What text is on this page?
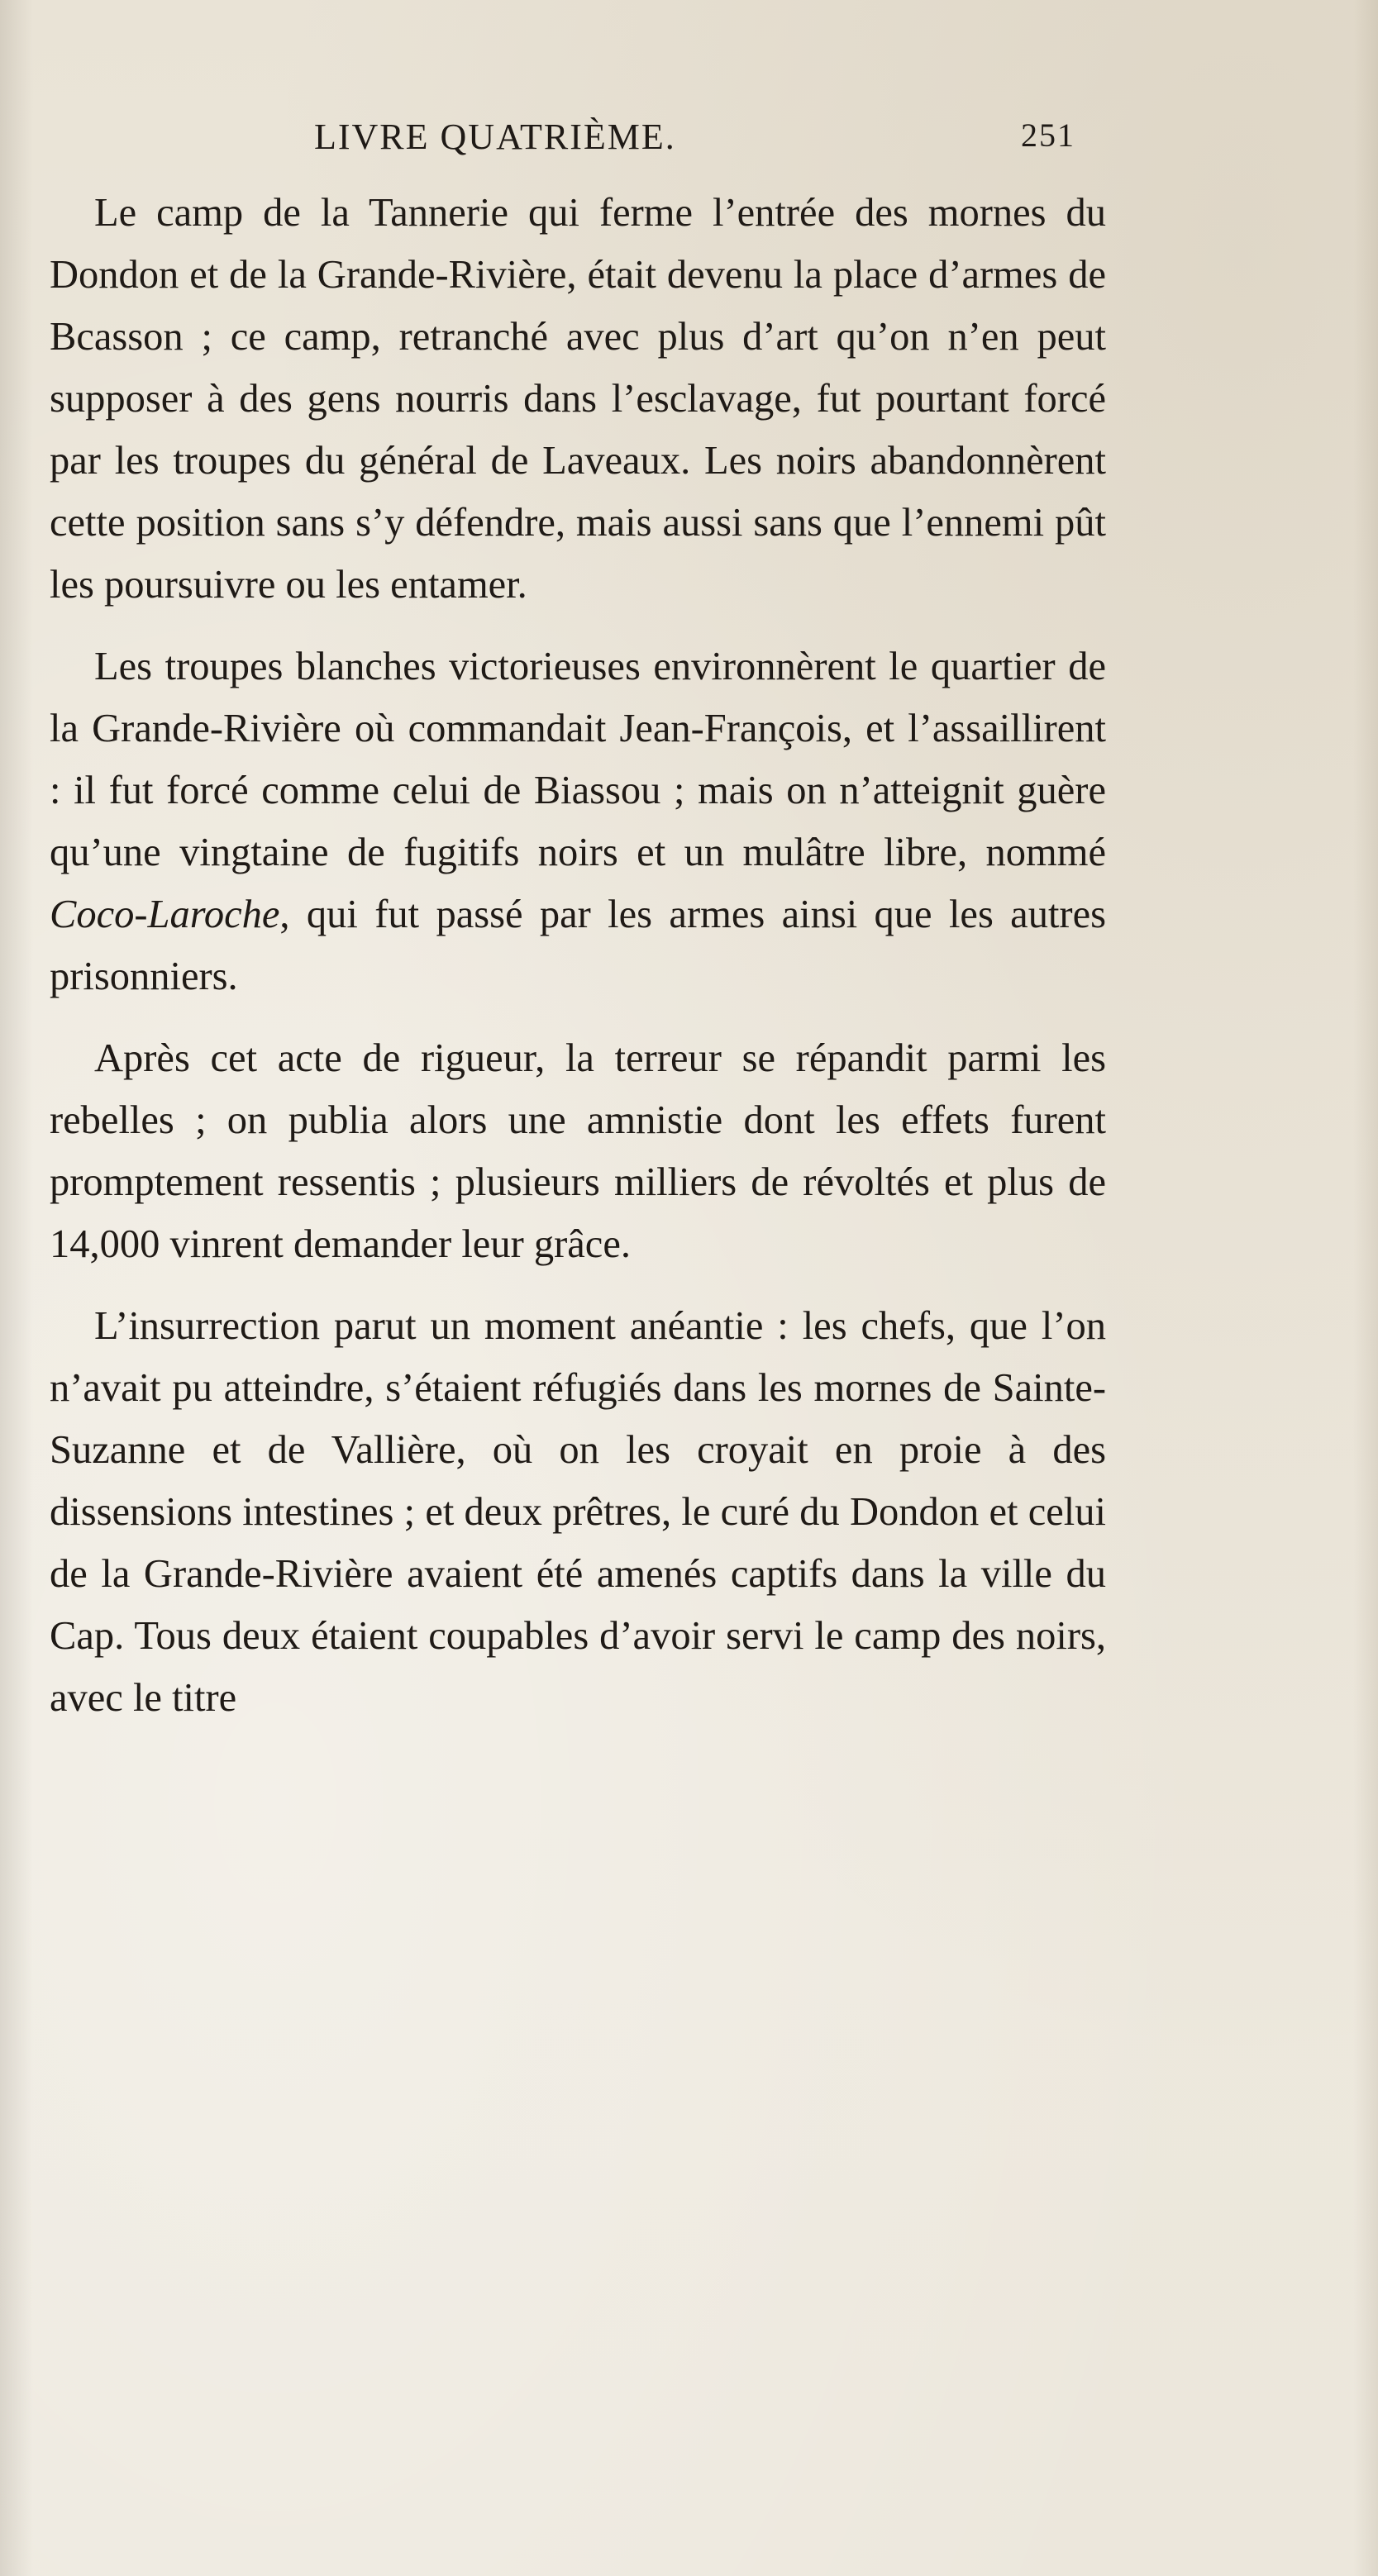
LIVRE QUATRIÈME.	251

Le camp de la Tannerie qui ferme l’entrée des mornes du Dondon et de la Grande-Rivière, était devenu la place d’armes de Bcasson ; ce camp, retranché avec plus d’art qu’on n’en peut supposer à des gens nourris dans l’esclavage, fut pourtant forcé par les troupes du général de Laveaux. Les noirs abandonnèrent cette position sans s’y défendre, mais aussi sans que l’ennemi pût les poursuivre ou les entamer.

Les troupes blanches victorieuses environnèrent le quartier de la Grande-Rivière où commandait Jean-François, et l’assaillirent : il fut forcé comme celui de Biassou ; mais on n’atteignit guère qu’une vingtaine de fugitifs noirs et un mulâtre libre, nommé Coco-Laroche, qui fut passé par les armes ainsi que les autres prisonniers.

Après cet acte de rigueur, la terreur se répandit parmi les rebelles ; on publia alors une amnistie dont les effets furent promptement ressentis ; plusieurs milliers de révoltés et plus de 14,000 vinrent demander leur grâce.

L’insurrection parut un moment anéantie : les chefs, que l’on n’avait pu atteindre, s’étaient réfugiés dans les mornes de Sainte-Suzanne et de Vallière, où on les croyait en proie à des dissensions intestines ; et deux prêtres, le curé du Dondon et celui de la Grande-Rivière avaient été amenés captifs dans la ville du Cap. Tous deux étaient coupables d’avoir servi le camp des noirs, avec le titre
